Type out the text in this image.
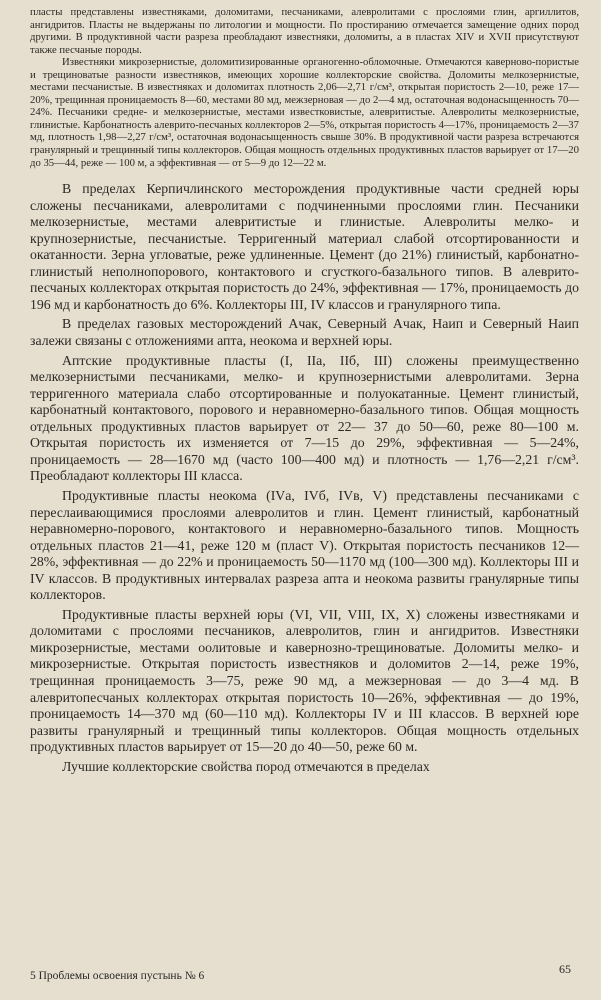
пласты представлены известняками, доломитами, песчаниками, алевролитами с прослоями глин, аргиллитов, ангидритов. Пласты не выдержаны по литологии и мощности. По простиранию отмечается замещение одних пород другими. В продуктивной части разреза преобладают известняки, доломиты, а в пластах XIV и XVII присутствуют также песчаные породы.

Известняки микрозернистые, доломитизированные органогенно-обломочные. Отмечаются каверново-пористые и трещиноватые разности известняков, имеющих хорошие коллекторские свойства. Доломиты мелкозернистые, местами песчанистые. В известняках и доломитах плотность 2,06—2,71 г/см³, открытая пористость 2—10, реже 17—20%, трещинная проницаемость 8—60, местами 80 мд, межзерновая — до 2—4 мд, остаточная водонасыщенность 70—24%. Песчаники средне- и мелкозернистые, местами известковистые, алевритистые. Алевролиты мелкозернистые, глинистые. Карбонатность алеврито-песчаных коллекторов 2—5%, открытая пористость 4—17%, проницаемость 2—37 мд, плотность 1,98—2,27 г/см³, остаточная водонасыщенность свыше 30%. В продуктивной части разреза встречаются гранулярный и трещинный типы коллекторов. Общая мощность отдельных продуктивных пластов варьирует от 17—20 до 35—44, реже — 100 м, а эффективная — от 5—9 до 12—22 м.

В пределах Керпичлинского месторождения продуктивные части средней юры сложены песчаниками, алевролитами с подчиненными прослоями глин. Песчаники мелкозернистые, местами алевритистые и глинистые. Алевролиты мелко- и крупнозернистые, песчанистые. Терригенный материал слабой отсортированности и окатанности. Зерна угловатые, реже удлиненные. Цемент (до 21%) глинистый, карбонатно-глинистый неполнопорового, контактового и сгусткого-базального типов. В алеврито-песчаных коллекторах открытая пористость до 24%, эффективная — 17%, проницаемость до 196 мд и карбонатность до 6%. Коллекторы III, IV классов и гранулярного типа.

В пределах газовых месторождений Ачак, Северный Ачак, Наип и Северный Наип залежи связаны с отложениями апта, неокома и верхней юры.

Аптские продуктивные пласты (I, IIа, IIб, III) сложены преимущественно мелкозернистыми песчаниками, мелко- и крупнозернистыми алевролитами. Зерна терригенного материала слабо отсортированные и полуокатанные. Цемент глинистый, карбонатный контактового, порового и неравномерно-базального типов. Общая мощность отдельных продуктивных пластов варьирует от 22— 37 до 50—60, реже 80—100 м. Открытая пористость их изменяется от 7—15 до 29%, эффективная — 5—24%, проницаемость — 28—1670 мд (часто 100—400 мд) и плотность — 1,76—2,21 г/см³. Преобладают коллекторы III класса.

Продуктивные пласты неокома (IVа, IVб, IVв, V) представлены песчаниками с переслаивающимися прослоями алевролитов и глин. Цемент глинистый, карбонатный неравномерно-порового, контактового и неравномерно-базального типов. Мощность отдельных пластов 21—41, реже 120 м (пласт V). Открытая пористость песчаников 12—28%, эффективная — до 22% и проницаемость 50—1170 мд (100—300 мд). Коллекторы III и IV классов. В продуктивных интервалах разреза апта и неокома развиты гранулярные типы коллекторов.

Продуктивные пласты верхней юры (VI, VII, VIII, IX, X) сложены известняками и доломитами с прослоями песчаников, алевролитов, глин и ангидритов. Известняки микрозернистые, местами оолитовые и кавернозно-трещиноватые. Доломиты мелко- и микрозернистые. Открытая пористость известняков и доломитов 2—14, реже 19%, трещинная проницаемость 3—75, реже 90 мд, а межзерновая — до 3—4 мд. В алевритопесчаных коллекторах открытая пористость 10—26%, эффективная — до 19%, проницаемость 14—370 мд (60—110 мд). Коллекторы IV и III классов. В верхней юре развиты гранулярный и трещинный типы коллекторов. Общая мощность отдельных продуктивных пластов варьирует от 15—20 до 40—50, реже 60 м.

Лучшие коллекторские свойства пород отмечаются в пределах

5 Проблемы освоения пустынь № 6	65
